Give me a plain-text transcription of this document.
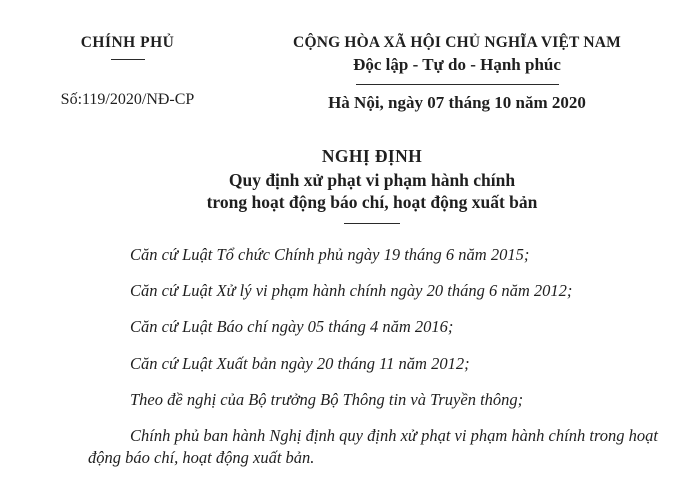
CHÍNH PHỦ
Số:119/2020/NĐ-CP
CỘNG HÒA XÃ HỘI CHỦ NGHĨA VIỆT NAM
Độc lập - Tự do - Hạnh phúc
Hà Nội, ngày 07 tháng 10 năm 2020
NGHỊ ĐỊNH
Quy định xử phạt vi phạm hành chính
trong hoạt động báo chí, hoạt động xuất bản

Căn cứ Luật Tổ chức Chính phủ ngày 19 tháng 6 năm 2015;

Căn cứ Luật Xử lý vi phạm hành chính ngày 20 tháng 6 năm 2012;

Căn cứ Luật Báo chí ngày 05 tháng 4 năm 2016;

Căn cứ Luật Xuất bản ngày 20 tháng 11 năm 2012;

Theo đề nghị của Bộ trưởng Bộ Thông tin và Truyền thông;

Chính phủ ban hành Nghị định quy định xử phạt vi phạm hành chính trong hoạt động báo chí, hoạt động xuất bản.
